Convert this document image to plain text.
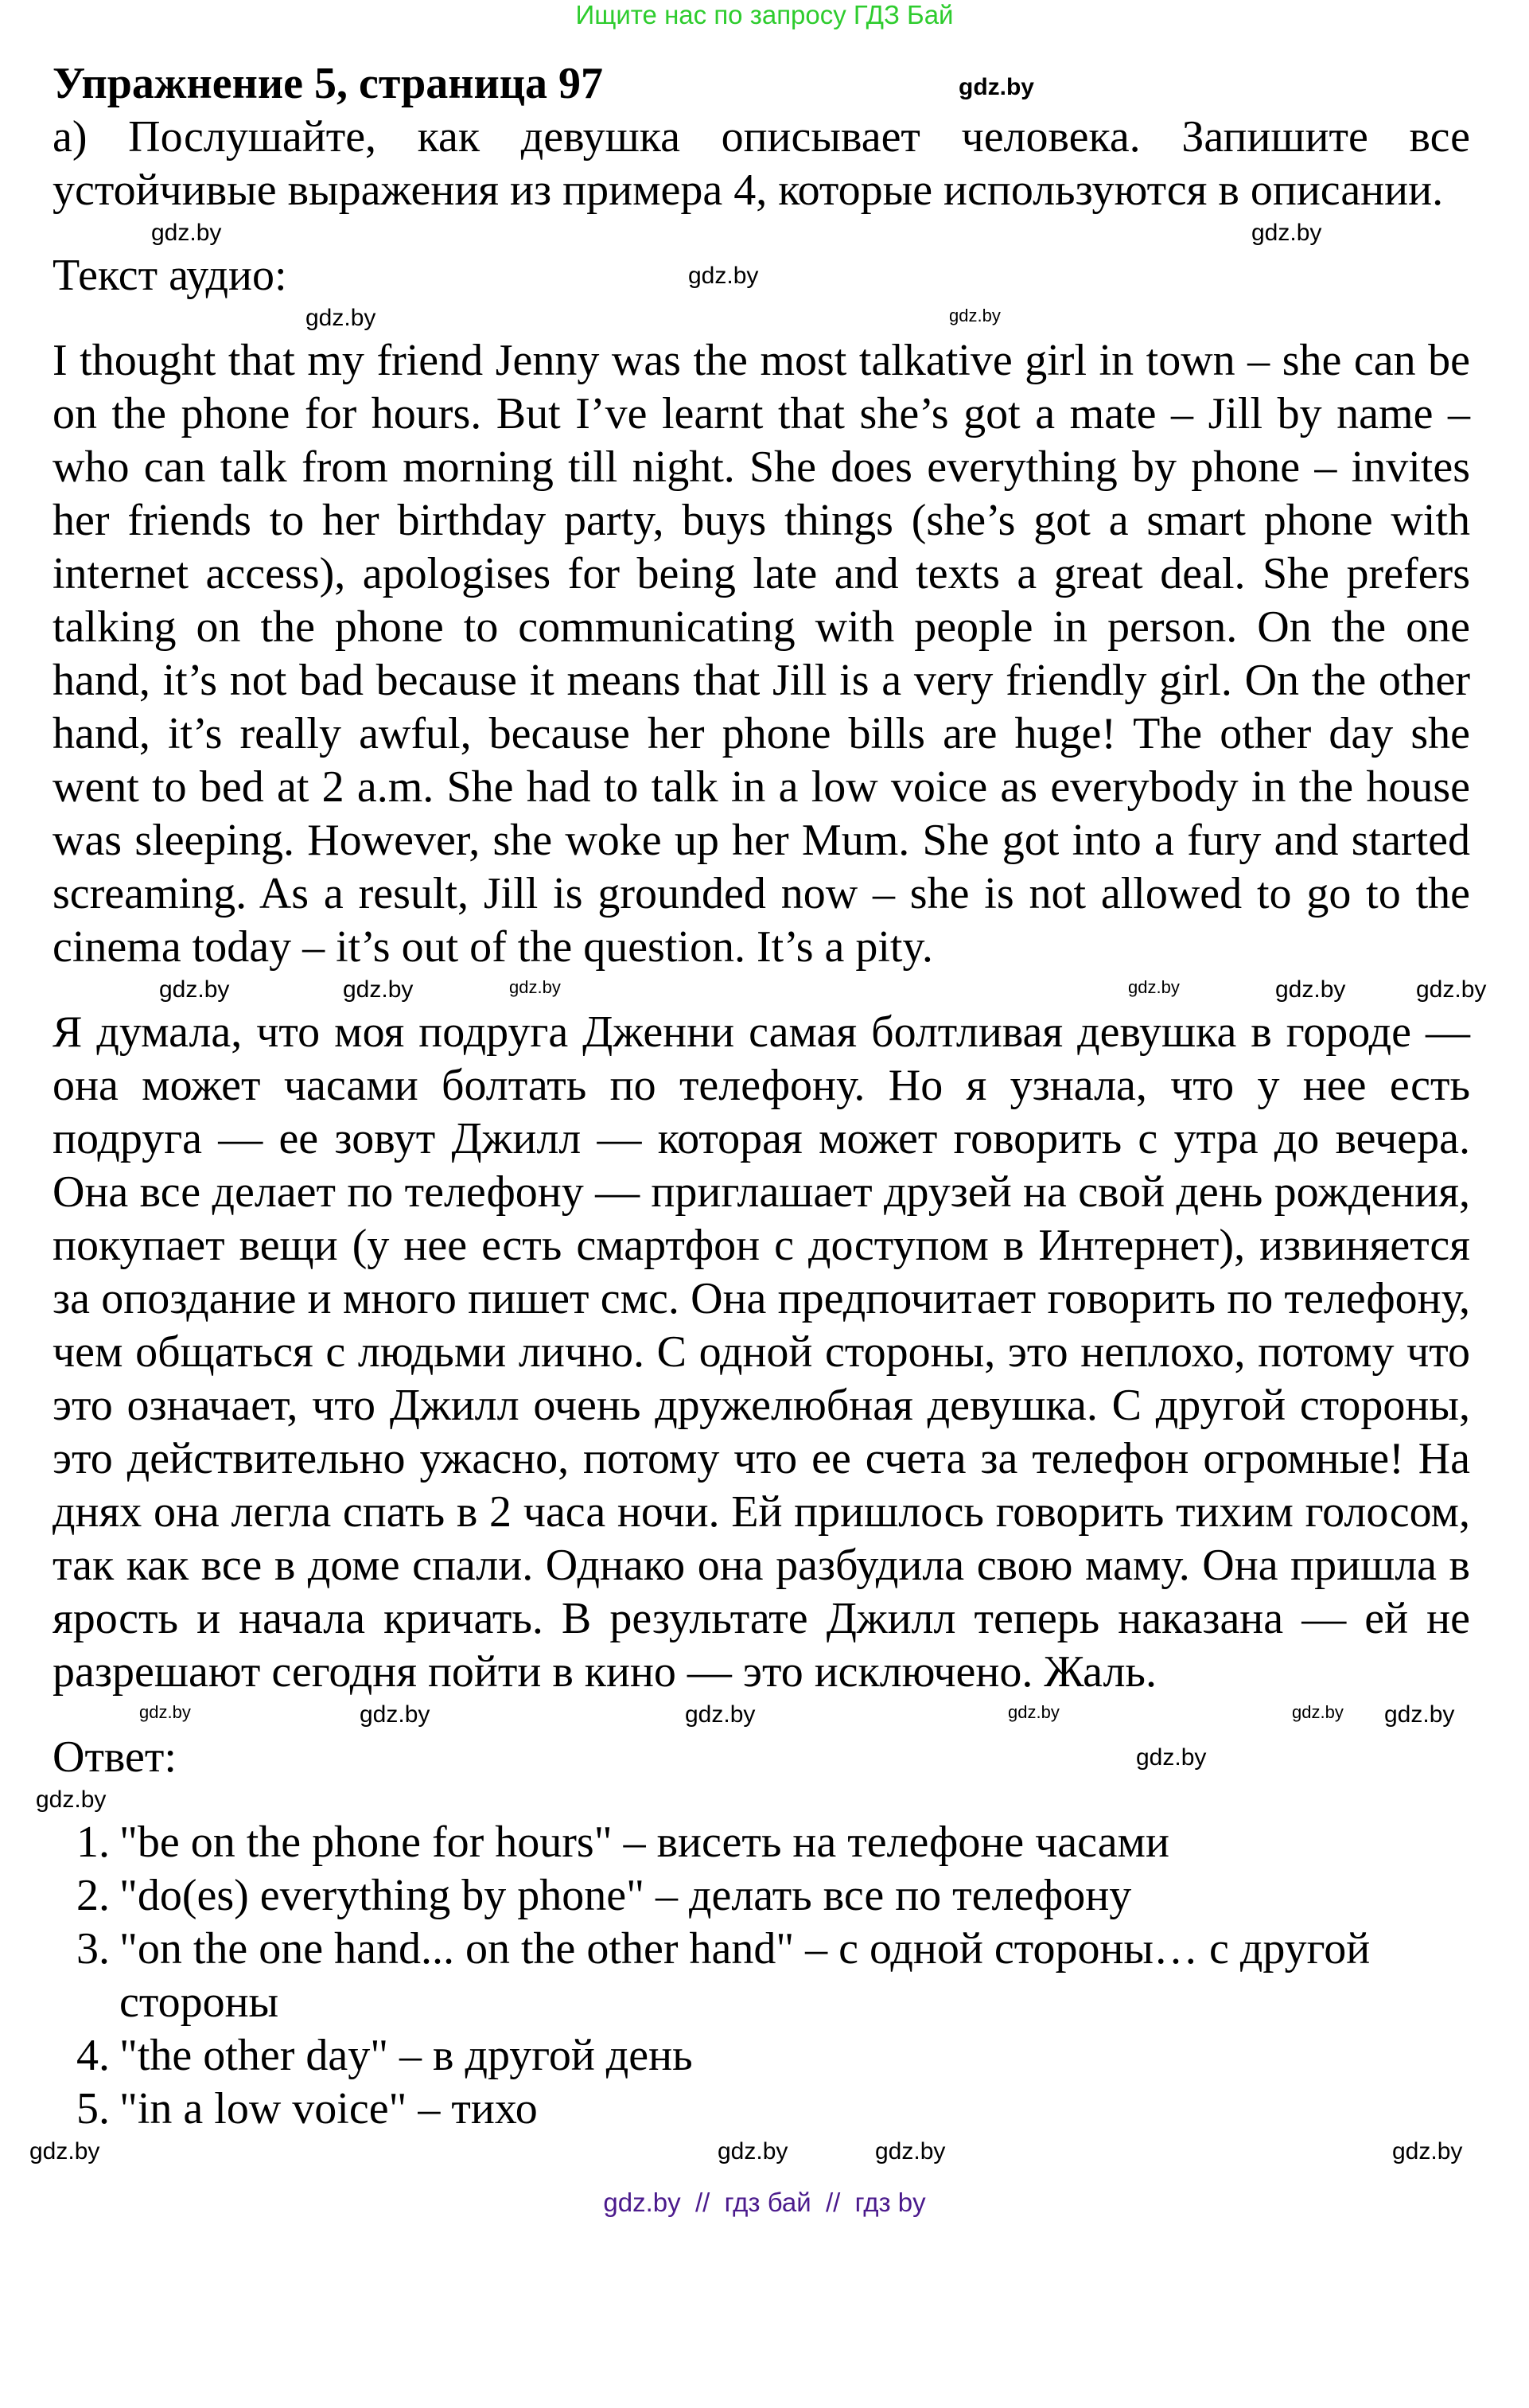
Ищите нас по запросу ГДЗ Бай
Упражнение 5, страница 97	gdz.by
а) Послушайте, как девушка описывает человека. Запишите все устойчивые выражения из примера 4, которые используются в описании.
gdz.by
gdz.by
Текст аудио:	gdz.by
gdz.by
gdz.by
I thought that my friend Jenny was the most talkative girl in town – she can be on the phone for hours. But I’ve learnt that she’s got a mate – Jill by name – who can talk from morning till night. She does everything by phone – invites her friends to her birthday party, buys things (she’s got a smart phone with internet access), apologises for being late and texts a great deal. She prefers talking on the phone to communicating with people in person. On the one hand, it’s not bad because it means that Jill is a very friendly girl. On the other hand, it’s really awful, because her phone bills are huge! The other day she went to bed at 2 a.m. She had to talk in a low voice as everybody in the house was sleeping. However, she woke up her Mum. She got into a fury and started screaming. As a result, Jill is grounded now – she is not allowed to go to the cinema today – it’s out of the question. It’s a pity.
gdz.by
gdz.by
gdz.by	gdz.by
gdz.by	gdz.by
Я думала, что моя подруга Дженни самая болтливая девушка в городе — она может часами болтать по телефону. Но я узнала, что у нее есть подруга — ее зовут Джилл — которая может говорить с утра до вечера. Она все делает по телефону — приглашает друзей на свой день рождения, покупает вещи (у нее есть смартфон с доступом в Интернет), извиняется за опоздание и много пишет смс. Она предпочитает говорить по телефону, чем общаться с людьми лично. С одной стороны, это неплохо, потому что это означает, что Джилл очень дружелюбная девушка. С другой стороны, это действительно ужасно, потому что ее счета за телефон огромные! На днях она легла спать в 2 часа ночи. Ей пришлось говорить тихим голосом, так как все в доме спали. Однако она разбудила свою маму. Она пришла в ярость и начала кричать. В результате Джилл теперь наказана — ей не разрешают сегодня пойти в кино — это исключено. Жаль.
gdz.by	gdz.by
gdz.by
gdz.by	gdz.by
gdz.by
Ответ:	gdz.by
gdz.by
1. "be on the phone for hours" – висеть на телефоне часами
2. "do(es) everything by phone" – делать все по телефону
3. "on the one hand... on the other hand" – с одной стороны… с другой стороны
4. "the other day" – в другой день
5. "in a low voice" – тихо
gdz.by
gdz.by
gdz.by	gdz.by
gdz.by  //  гдз бай  //  гдз by
